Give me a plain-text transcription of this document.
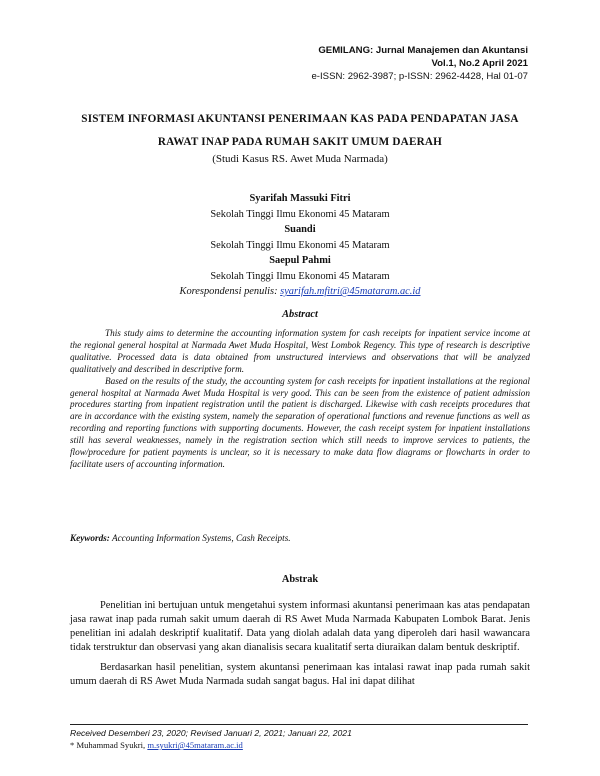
GEMILANG: Jurnal Manajemen dan Akuntansi
Vol.1, No.2 April 2021
e-ISSN: 2962-3987; p-ISSN: 2962-4428, Hal 01-07
SISTEM INFORMASI AKUNTANSI PENERIMAAN KAS PADA PENDAPATAN JASA
RAWAT INAP PADA RUMAH SAKIT UMUM DAERAH
(Studi Kasus RS. Awet Muda Narmada)
Syarifah Massuki Fitri
Sekolah Tinggi Ilmu Ekonomi 45 Mataram
Suandi
Sekolah Tinggi Ilmu Ekonomi 45 Mataram
Saepul Pahmi
Sekolah Tinggi Ilmu Ekonomi 45 Mataram
Korespondensi penulis: syarifah.mfitri@45mataram.ac.id
Abstract

This study aims to determine the accounting information system for cash receipts for inpatient service income at the regional general hospital at Narmada Awet Muda Hospital, West Lombok Regency. This type of research is descriptive qualitative. Processed data is data obtained from unstructured interviews and observations that will be analyzed qualitatively and described in descriptive form.

Based on the results of the study, the accounting system for cash receipts for inpatient installations at the regional general hospital at Narmada Awet Muda Hospital is very good. This can be seen from the existence of patient admission procedures starting from inpatient registration until the patient is discharged. Likewise with cash receipts procedures that are in accordance with the existing system, namely the separation of operational functions and revenue functions as well as recording and reporting functions with supporting documents. However, the cash receipt system for inpatient installations still has several weaknesses, namely in the registration section which still needs to improve services to patients, the flow/procedure for patient payments is unclear, so it is necessary to make data flow diagrams or flowcharts in order to facilitate users of accounting information.

Keywords: Accounting Information Systems, Cash Receipts.
Abstrak

Penelitian ini bertujuan untuk mengetahui system informasi akuntansi penerimaan kas atas pendapatan jasa rawat inap pada rumah sakit umum daerah di RS Awet Muda Narmada Kabupaten Lombok Barat. Jenis penelitian ini adalah deskriptif kualitatif. Data yang diolah adalah data yang diperoleh dari hasil wawancara tidak terstruktur dan observasi yang akan dianalisis secara kualitatif serta diuraikan dalam bentuk deskriptif.

Berdasarkan hasil penelitian, system akuntansi penerimaan kas intalasi rawat inap pada rumah sakit umum daerah di RS Awet Muda Narmada sudah sangat bagus. Hal ini dapat dilihat

Received Desemberi 23, 2020; Revised Januari 2, 2021; Januari 22, 2021
* Muhammad Syukri, m.syukri@45mataram.ac.id
